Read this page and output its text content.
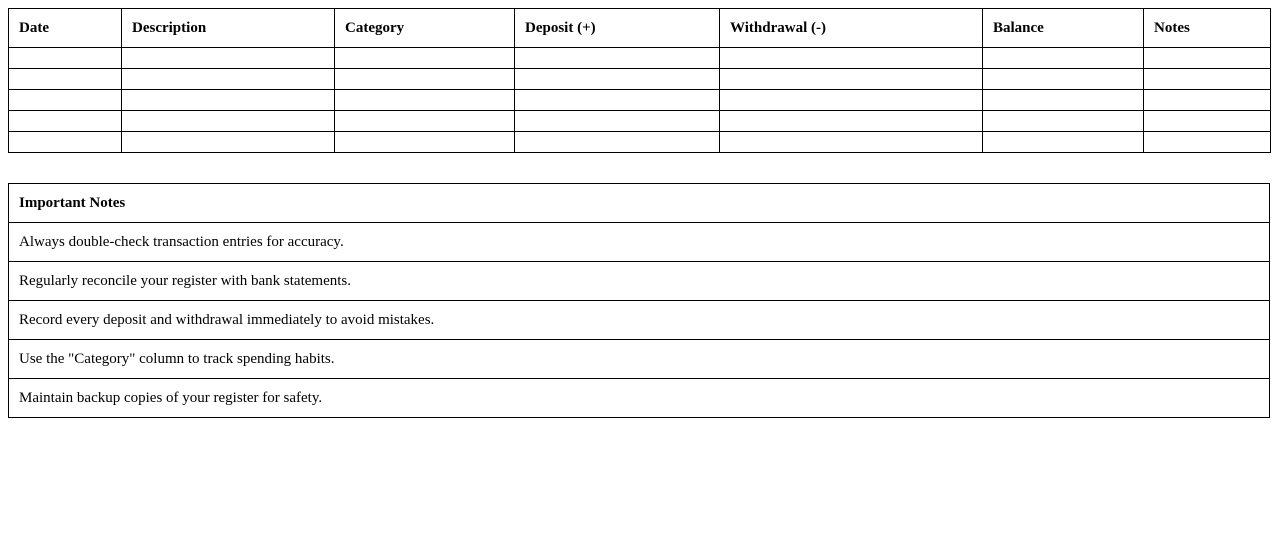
Date	Description	Category	Deposit (+)	Withdrawal (-)	Balance	Notes

Important Notes
Always double-check transaction entries for accuracy.
Regularly reconcile your register with bank statements.
Record every deposit and withdrawal immediately to avoid mistakes.
Use the "Category" column to track spending habits.
Maintain backup copies of your register for safety.
